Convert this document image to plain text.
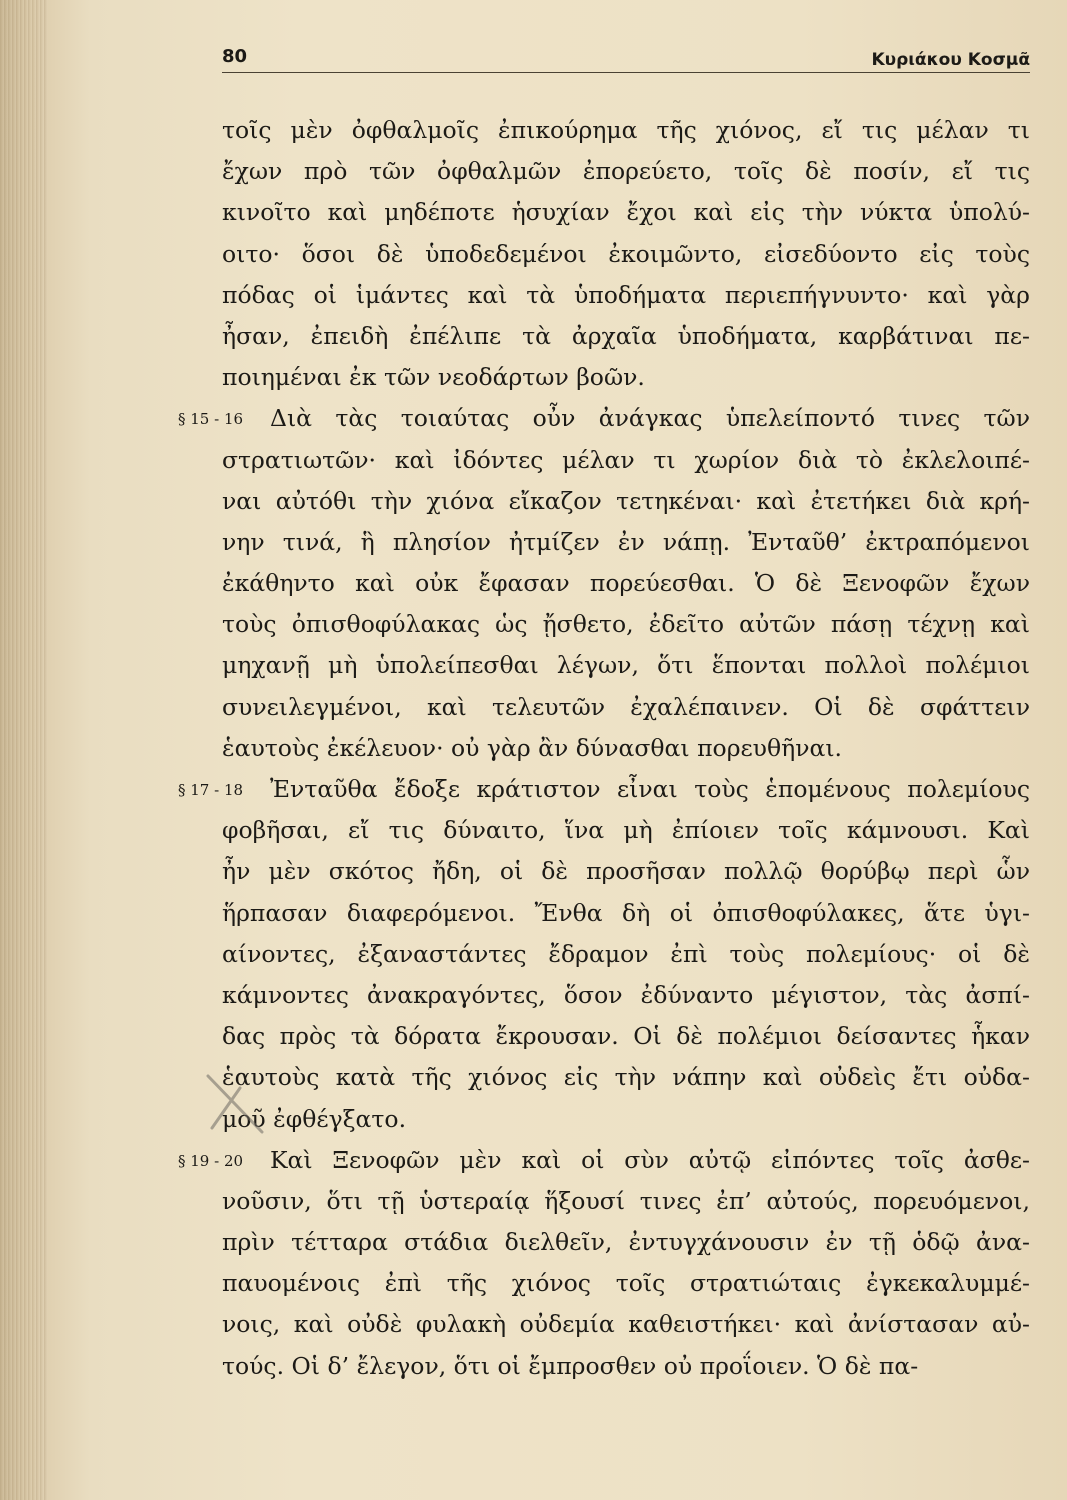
80	Κυριάκου Κοσμᾶ
τοῖς μὲν ὀφθαλμοῖς ἐπικούρημα τῆς χιόνος, εἴ τις μέλαν τι
ἔχων πρὸ τῶν ὀφθαλμῶν ἐπορεύετο, τοῖς δὲ ποσίν, εἴ τις
κινοῖτο καὶ μηδέποτε ἡσυχίαν ἔχοι καὶ εἰς τὴν νύκτα ὑπολύ-
οιτο· ὅσοι δὲ ὑποδεδεμένοι ἐκοιμῶντο, εἰσεδύοντο εἰς τοὺς
πόδας οἱ ἱμάντες καὶ τὰ ὑποδήματα περιεπήγνυντο· καὶ γὰρ
ἦσαν, ἐπειδὴ ἐπέλιπε τὰ ἀρχαῖα ὑποδήματα, καρβάτιναι πε-
ποιημέναι ἐκ τῶν νεοδάρτων βοῶν.
§ 15 - 16 Διὰ τὰς τοιαύτας οὖν ἀνάγκας ὑπελείποντό τινες τῶν
στρατιωτῶν· καὶ ἰδόντες μέλαν τι χωρίον διὰ τὸ ἐκλελοιπέ-
ναι αὐτόθι τὴν χιόνα εἴκαζον τετηκέναι· καὶ ἐτετήκει διὰ κρή-
νην τινά, ἣ πλησίον ἠτμίζεν ἐν νάπῃ. Ἐνταῦθ’ ἐκτραπόμενοι
ἐκάθηντο καὶ οὐκ ἔφασαν πορεύεσθαι. Ὁ δὲ Ξενοφῶν ἔχων
τοὺς ὀπισθοφύλακας ὡς ᾔσθετο, ἐδεῖτο αὐτῶν πάσῃ τέχνῃ καὶ
μηχανῇ μὴ ὑπολείπεσθαι λέγων, ὅτι ἕπονται πολλοὶ πολέμιοι
συνειλεγμένοι, καὶ τελευτῶν ἐχαλέπαινεν. Οἱ δὲ σφάττειν
ἑαυτοὺς ἐκέλευον· οὐ γὰρ ἂν δύνασθαι πορευθῆναι.
§ 17 - 18 Ἐνταῦθα ἔδοξε κράτιστον εἶναι τοὺς ἑπομένους πολεμίους
φοβῆσαι, εἴ τις δύναιτο, ἵνα μὴ ἐπίοιεν τοῖς κάμνουσι. Καὶ
ἦν μὲν σκότος ἤδη, οἱ δὲ προσῆσαν πολλῷ θορύβῳ περὶ ὧν
ἥρπασαν διαφερόμενοι. Ἔνθα δὴ οἱ ὀπισθοφύλακες, ἅτε ὑγι-
αίνοντες, ἐξαναστάντες ἔδραμον ἐπὶ τοὺς πολεμίους· οἱ δὲ
κάμνοντες ἀνακραγόντες, ὅσον ἐδύναντο μέγιστον, τὰς ἀσπί-
δας πρὸς τὰ δόρατα ἔκρουσαν. Οἱ δὲ πολέμιοι δείσαντες ἧκαν
ἑαυτοὺς κατὰ τῆς χιόνος εἰς τὴν νάπην καὶ οὐδεὶς ἔτι οὐδα-
μοῦ ἐφθέγξατο.
§ 19 - 20 Καὶ Ξενοφῶν μὲν καὶ οἱ σὺν αὐτῷ εἰπόντες τοῖς ἀσθε-
νοῦσιν, ὅτι τῇ ὑστεραίᾳ ἥξουσί τινες ἐπ’ αὐτούς, πορευόμενοι,
πρὶν τέτταρα στάδια διελθεῖν, ἐντυγχάνουσιν ἐν τῇ ὁδῷ ἀνα-
παυομένοις ἐπὶ τῆς χιόνος τοῖς στρατιώταις ἐγκεκαλυμμέ-
νοις, καὶ οὐδὲ φυλακὴ οὐδεμία καθειστήκει· καὶ ἀνίστασαν αὐ-
τούς. Οἱ δ’ ἔλεγον, ὅτι οἱ ἔμπροσθεν οὐ προΐοιεν. Ὁ δὲ πα-
